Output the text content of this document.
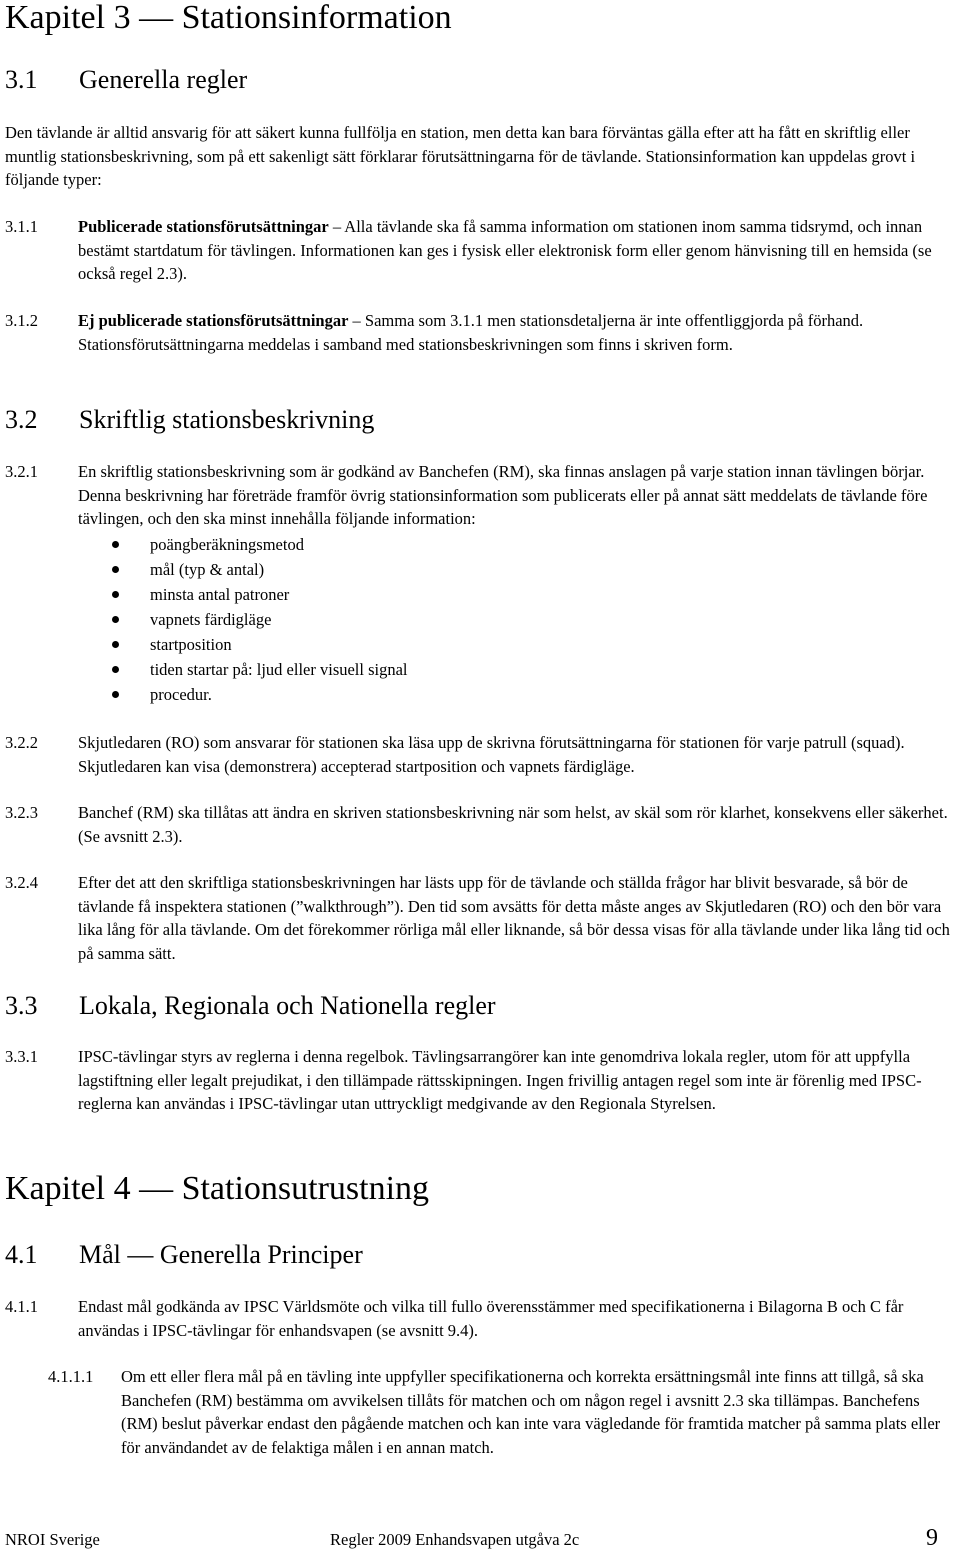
Kapitel 3 — Stationsinformation
3.1 Generella regler
Den tävlande är alltid ansvarig för att säkert kunna fullfölja en station, men detta kan bara förväntas gälla efter att ha fått en skriftlig eller muntlig stationsbeskrivning, som på ett sakenligt sätt förklarar förutsättningarna för de tävlande. Stationsinformation kan uppdelas grovt i följande typer:
3.1.1 Publicerade stationsförutsättningar – Alla tävlande ska få samma information om stationen inom samma tidsrymd, och innan bestämt startdatum för tävlingen. Informationen kan ges i fysisk eller elektronisk form eller genom hänvisning till en hemsida (se också regel 2.3).
3.1.2 Ej publicerade stationsförutsättningar – Samma som 3.1.1 men stationsdetaljerna är inte offentliggjorda på förhand. Stationsförutsättningarna meddelas i samband med stationsbeskrivningen som finns i skriven form.
3.2 Skriftlig stationsbeskrivning
3.2.1 En skriftlig stationsbeskrivning som är godkänd av Banchefen (RM), ska finnas anslagen på varje station innan tävlingen börjar. Denna beskrivning har företräde framför övrig stationsinformation som publicerats eller på annat sätt meddelats de tävlande före tävlingen, och den ska minst innehålla följande information:
poängberäkningsmetod
mål (typ & antal)
minsta antal patroner
vapnets färdigläge
startposition
tiden startar på: ljud eller visuell signal
procedur.
3.2.2 Skjutledaren (RO) som ansvarar för stationen ska läsa upp de skrivna förutsättningarna för stationen för varje patrull (squad). Skjutledaren kan visa (demonstrera) accepterad startposition och vapnets färdigläge.
3.2.3 Banchef (RM) ska tillåtas att ändra en skriven stationsbeskrivning när som helst, av skäl som rör klarhet, konsekvens eller säkerhet. (Se avsnitt 2.3).
3.2.4 Efter det att den skriftliga stationsbeskrivningen har lästs upp för de tävlande och ställda frågor har blivit besvarade, så bör de tävlande få inspektera stationen (”walkthrough”). Den tid som avsätts för detta måste anges av Skjutledaren (RO) och den bör vara lika lång för alla tävlande. Om det förekommer rörliga mål eller liknande, så bör dessa visas för alla tävlande under lika lång tid och på samma sätt.
3.3 Lokala, Regionala och Nationella regler
3.3.1 IPSC-tävlingar styrs av reglerna i denna regelbok. Tävlingsarrangörer kan inte genomdriva lokala regler, utom för att uppfylla lagstiftning eller legalt prejudikat, i den tillämpade rättsskipningen. Ingen frivillig antagen regel som inte är förenlig med IPSC-reglerna kan användas i IPSC-tävlingar utan uttryckligt medgivande av den Regionala Styrelsen.
Kapitel 4 — Stationsutrustning
4.1 Mål — Generella Principer
4.1.1 Endast mål godkända av IPSC Världsmöte och vilka till fullo överensstämmer med specifikationerna i Bilagorna B och C får användas i IPSC-tävlingar för enhandsvapen (se avsnitt 9.4).
4.1.1.1 Om ett eller flera mål på en tävling inte uppfyller specifikationerna och korrekta ersättningsmål inte finns att tillgå, så ska Banchefen (RM) bestämma om avvikelsen tillåts för matchen och om någon regel i avsnitt 2.3 ska tillämpas. Banchefens (RM) beslut påverkar endast den pågående matchen och kan inte vara vägledande för framtida matcher på samma plats eller för användandet av de felaktiga målen i en annan match.
NROI Sverige	Regler 2009 Enhandsvapen utgåva 2c	9
